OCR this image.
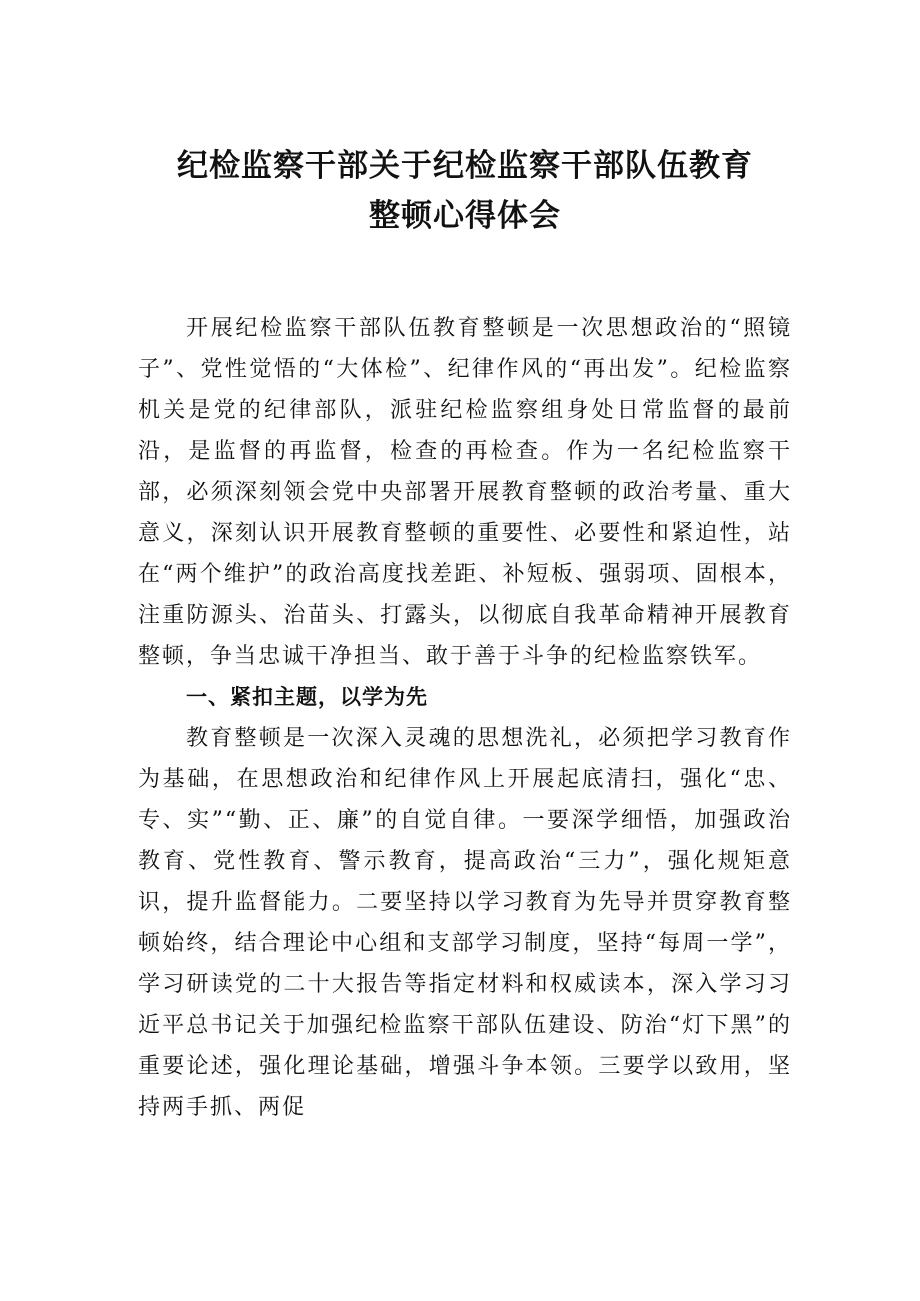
纪检监察干部关于纪检监察干部队伍教育
整顿心得体会

开展纪检监察干部队伍教育整顿是一次思想政治的“照镜子”、党性觉悟的“大体检”、纪律作风的“再出发”。纪检监察机关是党的纪律部队，派驻纪检监察组身处日常监督的最前沿，是监督的再监督，检查的再检查。作为一名纪检监察干部，必须深刻领会党中央部署开展教育整顿的政治考量、重大意义，深刻认识开展教育整顿的重要性、必要性和紧迫性，站在“两个维护”的政治高度找差距、补短板、强弱项、固根本，注重防源头、治苗头、打露头，以彻底自我革命精神开展教育整顿，争当忠诚干净担当、敢于善于斗争的纪检监察铁军。

一、紧扣主题，以学为先

教育整顿是一次深入灵魂的思想洗礼，必须把学习教育作为基础，在思想政治和纪律作风上开展起底清扫，强化“忠、专、实”“勤、正、廉”的自觉自律。一要深学细悟，加强政治教育、党性教育、警示教育，提高政治“三力”，强化规矩意识，提升监督能力。二要坚持以学习教育为先导并贯穿教育整顿始终，结合理论中心组和支部学习制度，坚持“每周一学”，学习研读党的二十大报告等指定材料和权威读本，深入学习习近平总书记关于加强纪检监察干部队伍建设、防治“灯下黑”的重要论述，强化理论基础，增强斗争本领。三要学以致用，坚持两手抓、两促
